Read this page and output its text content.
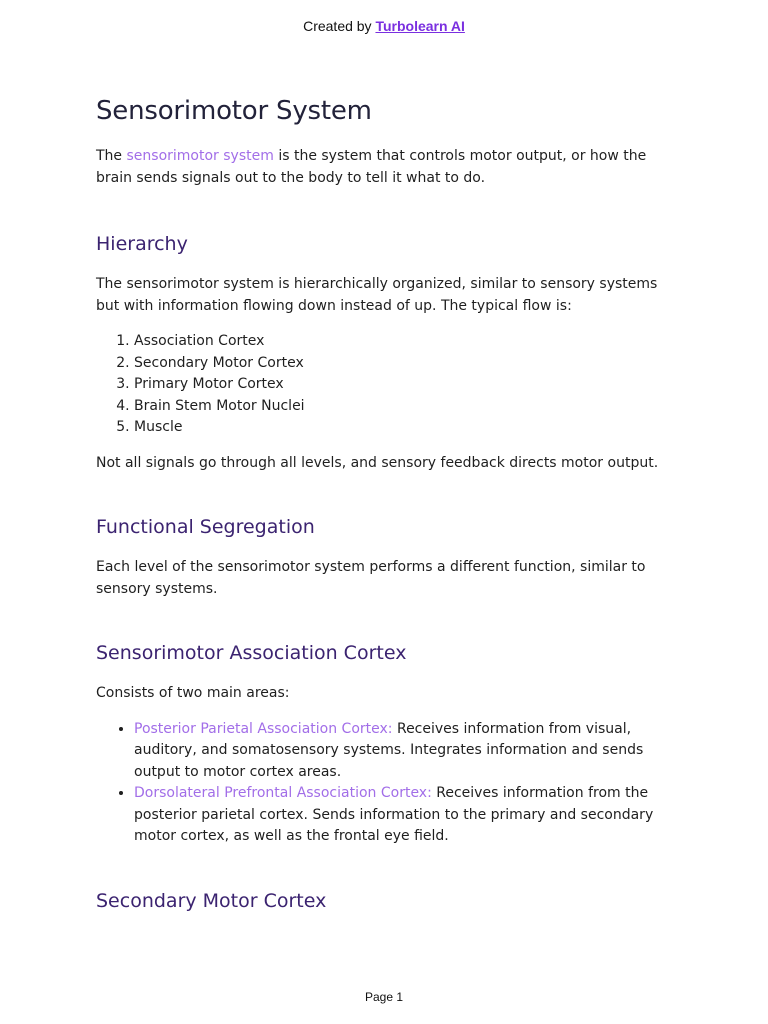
Created by Turbolearn AI
Sensorimotor System

The sensorimotor system is the system that controls motor output, or how the brain sends signals out to the body to tell it what to do.

Hierarchy

The sensorimotor system is hierarchically organized, similar to sensory systems but with information flowing down instead of up. The typical flow is:

1. Association Cortex
2. Secondary Motor Cortex
3. Primary Motor Cortex
4. Brain Stem Motor Nuclei
5. Muscle

Not all signals go through all levels, and sensory feedback directs motor output.

Functional Segregation

Each level of the sensorimotor system performs a different function, similar to sensory systems.

Sensorimotor Association Cortex

Consists of two main areas:

• Posterior Parietal Association Cortex: Receives information from visual, auditory, and somatosensory systems. Integrates information and sends output to motor cortex areas.
• Dorsolateral Prefrontal Association Cortex: Receives information from the posterior parietal cortex. Sends information to the primary and secondary motor cortex, as well as the frontal eye field.
Secondary Motor Cortex
Page 1
